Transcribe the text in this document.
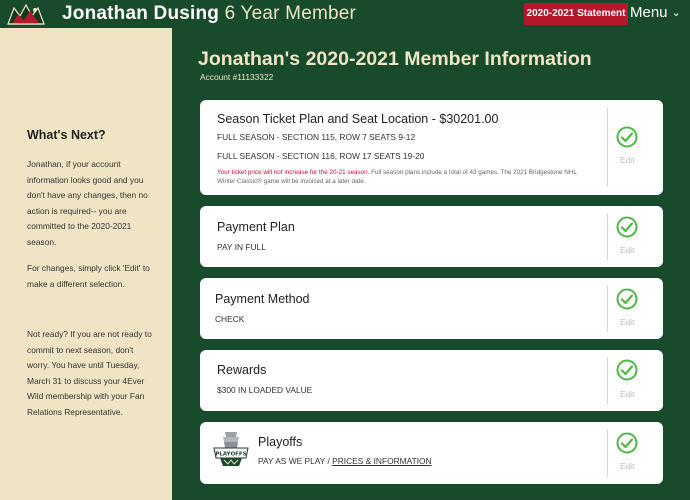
Jonathan Dusing 6 Year Member	2020-2021 Statement Menu ⌄
What's Next?

Jonathan, if your account information looks good and you don't have any changes, then no action is required-- you are committed to the 2020-2021 season.

For changes, simply click 'Edit' to make a different selection.

Not ready? If you are not ready to commit to next season, don't worry. You have until Tuesday, March 31 to discuss your 4Ever Wild membership with your Fan Relations Representative.

Jonathan's 2020-2021 Member Information
Account #11133322
Season Ticket Plan and Seat Location - $30201.00
FULL SEASON - SECTION 115, ROW 7 SEATS 9-12
FULL SEASON - SECTION 116, ROW 17 SEATS 19-20
Your ticket price will not increase for the 20-21 season. Full season plans include a total of 43 games. The 2021 Bridgestone NHL Winter Classic® game will be invoiced at a later date.
Edit
Payment Plan
PAY IN FULL	Edit
Payment Method
CHECK	Edit
Rewards
$300 IN LOADED VALUE	Edit
PLAYOFFS
Playoffs
PAY AS WE PLAY / PRICES & INFORMATION	Edit
